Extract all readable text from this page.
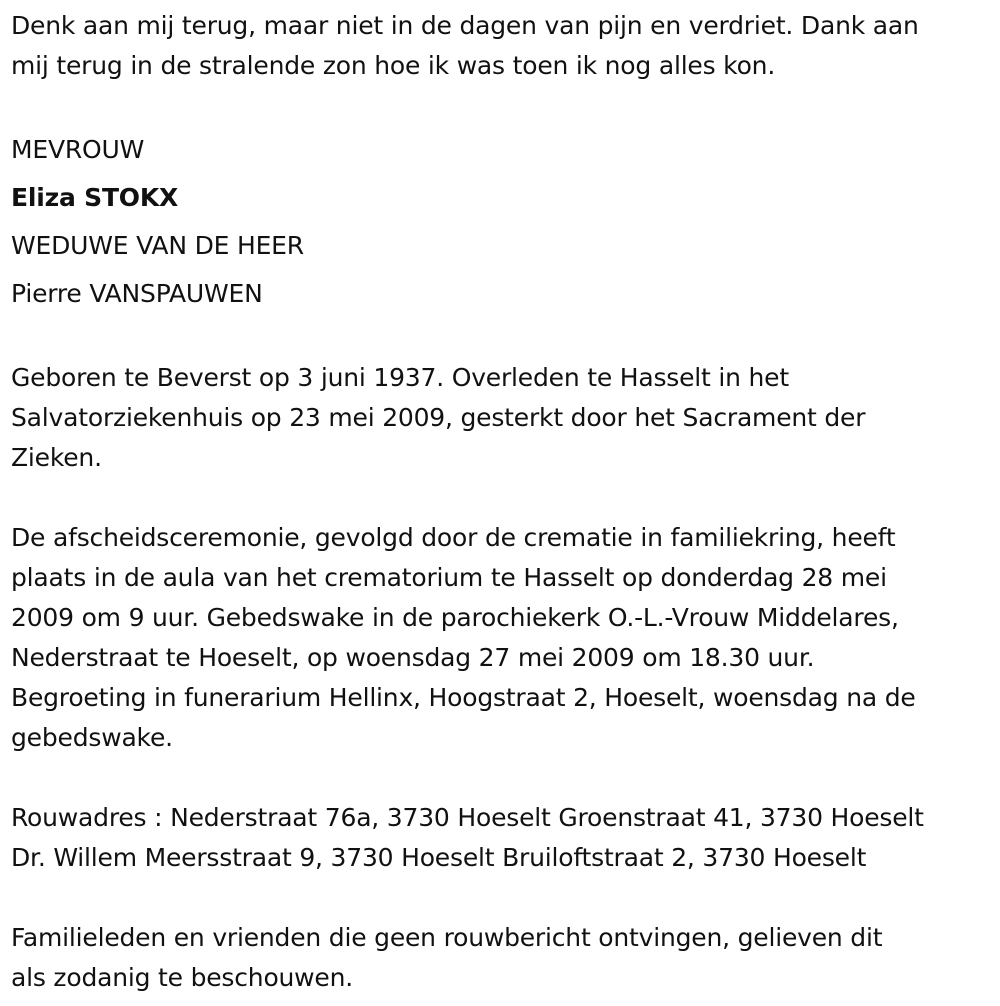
Denk aan mij terug, maar niet in de dagen van pijn en verdriet. Dank aan
mij terug in de stralende zon hoe ik was toen ik nog alles kon.
MEVROUW
Eliza STOKX
WEDUWE VAN DE HEER
Pierre VANSPAUWEN
Geboren te Beverst op 3 juni 1937. Overleden te Hasselt in het
Salvatorziekenhuis op 23 mei 2009, gesterkt door het Sacrament der
Zieken.
De afscheidsceremonie, gevolgd door de crematie in familiekring, heeft
plaats in de aula van het crematorium te Hasselt op donderdag 28 mei
2009 om 9 uur. Gebedswake in de parochiekerk O.-L.-Vrouw Middelares,
Nederstraat te Hoeselt, op woensdag 27 mei 2009 om 18.30 uur.
Begroeting in funerarium Hellinx, Hoogstraat 2, Hoeselt, woensdag na de
gebedswake.
Rouwadres : Nederstraat 76a, 3730 Hoeselt Groenstraat 41, 3730 Hoeselt
Dr. Willem Meersstraat 9, 3730 Hoeselt Bruiloftstraat 2, 3730 Hoeselt
Familieleden en vrienden die geen rouwbericht ontvingen, gelieven dit
als zodanig te beschouwen.
